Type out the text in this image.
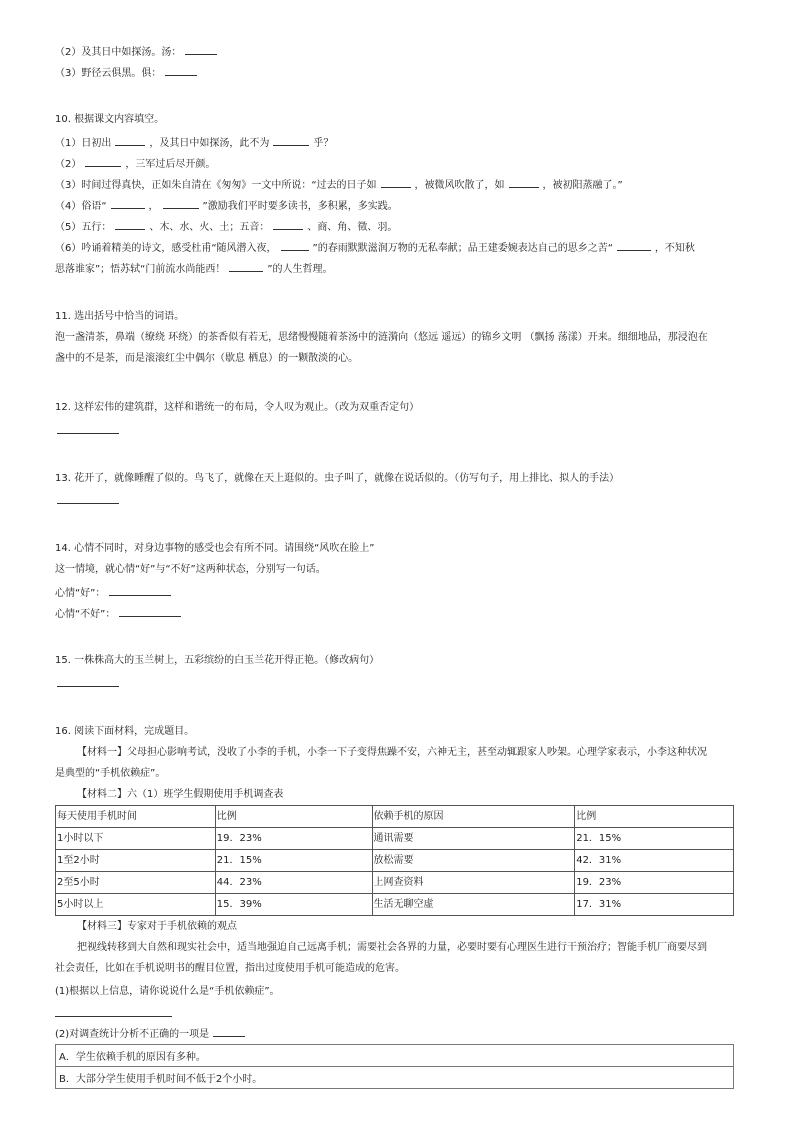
（2）及其日中如探汤。汤：
（3）野径云俱黑。俱：
10. 根据课文内容填空。
（1）日初出	，及其日中如探汤，此不为	乎？
（2）	，三军过后尽开颜。
（3）时间过得真快，正如朱自清在《匆匆》一文中所说：“过去的日子如	，被微风吹散了，如	，被初阳蒸融了。”
（4）俗语“	，	”激励我们平时要多读书，多积累，多实践。
（5）五行：	、木、水、火、土；五音：	、商、角、徵、羽。
（6）吟诵着精美的诗文，感受杜甫“随风潜入夜，	”的春雨默默滋润万物的无私奉献；品王建委婉表达自己的思乡之苦“	，不知秋
思落谁家”；悟苏轼“门前流水尚能西！	”的人生哲理。
11. 选出括号中恰当的词语。
泡一盏清茶，鼻端（缭绕 环绕）的茶香似有若无，思绪慢慢随着茶汤中的涟漪向（悠远 遥远）的锦乡文明 （飘扬 荡漾）开来。细细地品，那浸泡在
盏中的不是茶，而是滚滚红尘中偶尔（歇息 栖息）的一颗散淡的心。
12. 这样宏伟的建筑群，这样和谐统一的布局，令人叹为观止。（改为双重否定句）
13. 花开了，就像睡醒了似的。鸟飞了，就像在天上逛似的。虫子叫了，就像在说话似的。（仿写句子，用上排比、拟人的手法）
14. 心情不同时，对身边事物的感受也会有所不同。请围绕“风吹在脸上”
这一情境，就心情“好”与“不好”这两种状态，分别写一句话。
心情“好”：
心情“不好”：
15. 一株株高大的玉兰树上，五彩缤纷的白玉兰花开得正艳。（修改病句）
16. 阅读下面材料，完成题目。
【材料一】父母担心影响考试，没收了小李的手机，小李一下子变得焦躁不安，六神无主，甚至动辄跟家人吵架。心理学家表示，小李这种状况
是典型的“手机依赖症”。
【材料二】六（1）班学生假期使用手机调查表
每天使用手机时间	比例	依赖手机的原因	比例
1小时以下	19．23%	通讯需要	21．15%
1至2小时	21．15%	放松需要	42．31%
2至5小时	44．23%	上网查资料	19．23%
5小时以上	15．39%	生活无聊空虚	17．31%
【材料三】专家对于手机依赖的观点
把视线转移到大自然和现实社会中，适当地强迫自己远离手机；需要社会各界的力量，必要时要有心理医生进行干预治疗；智能手机厂商要尽到
社会责任，比如在手机说明书的醒目位置，指出过度使用手机可能造成的危害。
(1)根据以上信息，请你说说什么是“手机依赖症”。
(2)对调查统计分析不正确的一项是
A．学生依赖手机的原因有多种。
B．大部分学生使用手机时间不低于2个小时。
